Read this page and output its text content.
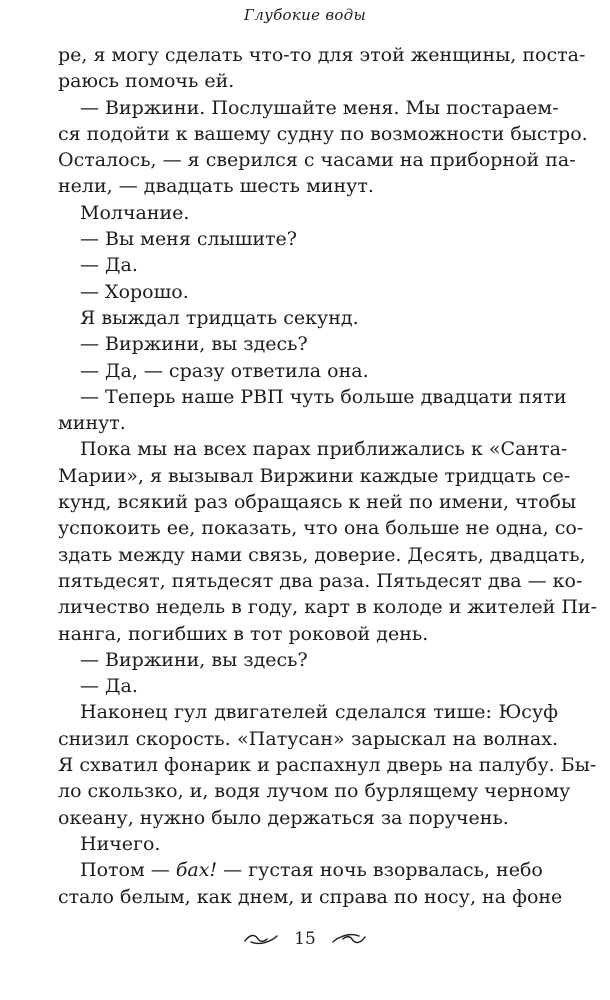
Глубокие воды
ре, я могу сделать что-то для этой женщины, поста-
раюсь помочь ей.
— Виржини. Послушайте меня. Мы постараем-
ся подойти к вашему судну по возможности быстро.
Осталось, — я сверился с часами на приборной па-
нели, — двадцать шесть минут.
Молчание.
— Вы меня слышите?
— Да.
— Хорошо.
Я выждал тридцать секунд.
— Виржини, вы здесь?
— Да, — сразу ответила она.
— Теперь наше РВП чуть больше двадцати пяти
минут.
Пока мы на всех парах приближались к «Санта-
Марии», я вызывал Виржини каждые тридцать се-
кунд, всякий раз обращаясь к ней по имени, чтобы
успокоить ее, показать, что она больше не одна, со-
здать между нами связь, доверие. Десять, двадцать,
пятьдесят, пятьдесят два раза. Пятьдесят два — ко-
личество недель в году, карт в колоде и жителей Пи-
нанга, погибших в тот роковой день.
— Виржини, вы здесь?
— Да.
Наконец гул двигателей сделался тише: Юсуф
снизил скорость. «Патусан» зарыскал на волнах.
Я схватил фонарик и распахнул дверь на палубу. Бы-
ло скользко, и, водя лучом по бурлящему черному
океану, нужно было держаться за поручень.
Ничего.
Потом — бах! — густая ночь взорвалась, небо
стало белым, как днем, и справа по носу, на фоне
15
